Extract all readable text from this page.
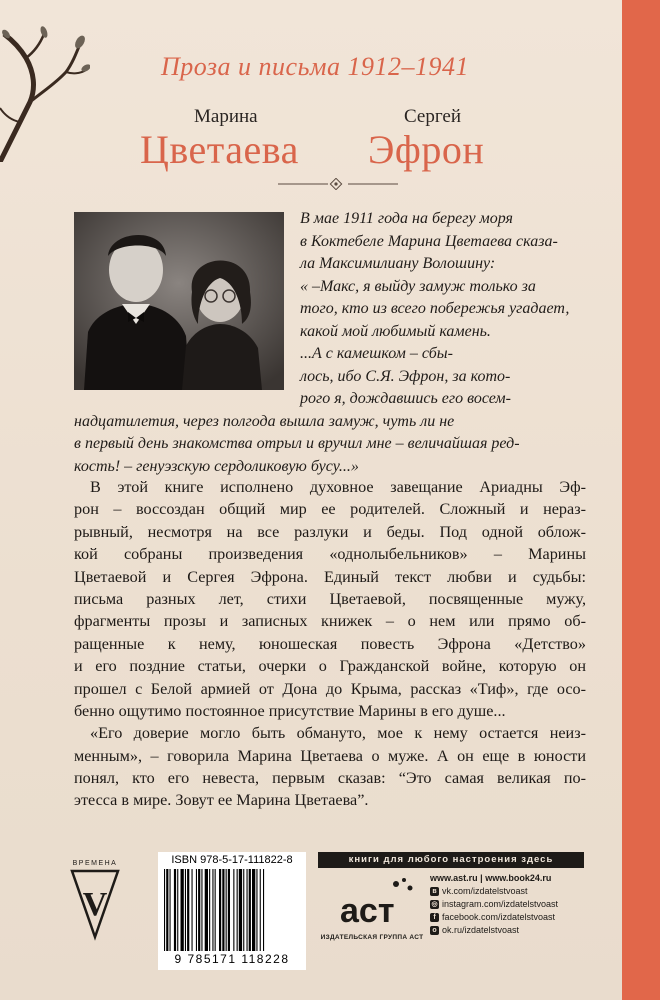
Проза и письма 1912–1941
Марина
Цветаева
Сергей
Эфрон
В мае 1911 года на берегу моря
в Коктебеле Марина Цветаева сказа-
ла Максимилиану Волошину:
« –Макс, я выйду замуж только за
того, кто из всего побережья угадает,
какой мой любимый камень.
...А с камешком – сбы-
лось, ибо С.Я. Эфрон, за кото-
рого я, дождавшись его восем-
надцатилетия, через полгода вышла замуж, чуть ли не
в первый день знакомства отрыл и вручил мне – величайшая ред-
кость! – генуэзскую сердоликовую бусу...»
В этой книге исполнено духовное завещание Ариадны Эф-
рон – воссоздан общий мир ее родителей. Сложный и нераз-
рывный, несмотря на все разлуки и беды. Под одной облож-
кой собраны произведения «однолыбельников» – Марины
Цветаевой и Сергея Эфрона. Единый текст любви и судьбы:
письма разных лет, стихи Цветаевой, посвященные мужу,
фрагменты прозы и записных книжек – о нем или прямо об-
ращенные к нему, юношеская повесть Эфрона «Детство»
и его поздние статьи, очерки о Гражданской войне, которую он
прошел с Белой армией от Дона до Крыма, рассказ «Тиф», где осо-
бенно ощутимо постоянное присутствие Марины в его душе...
«Его доверие могло быть обмануто, мое к нему остается неиз-
менным», – говорила Марина Цветаева о муже. А он еще в юности
понял, кто его невеста, первым сказав: “Это самая великая по-
этесса в мире. Зовут ее Марина Цветаева”.
ВРЕМЕНА
V
ISBN 978-5-17-111822-8
9 785171 118228
книги для любого настроения здесь
аст
ИЗДАТЕЛЬСКАЯ ГРУППА АСТ
www.ast.ru | www.book24.ru
в vk.com/izdatelstvoast
◎ instagram.com/izdatelstvoast
f facebook.com/izdatelstvoast
о ok.ru/izdatelstvoast
